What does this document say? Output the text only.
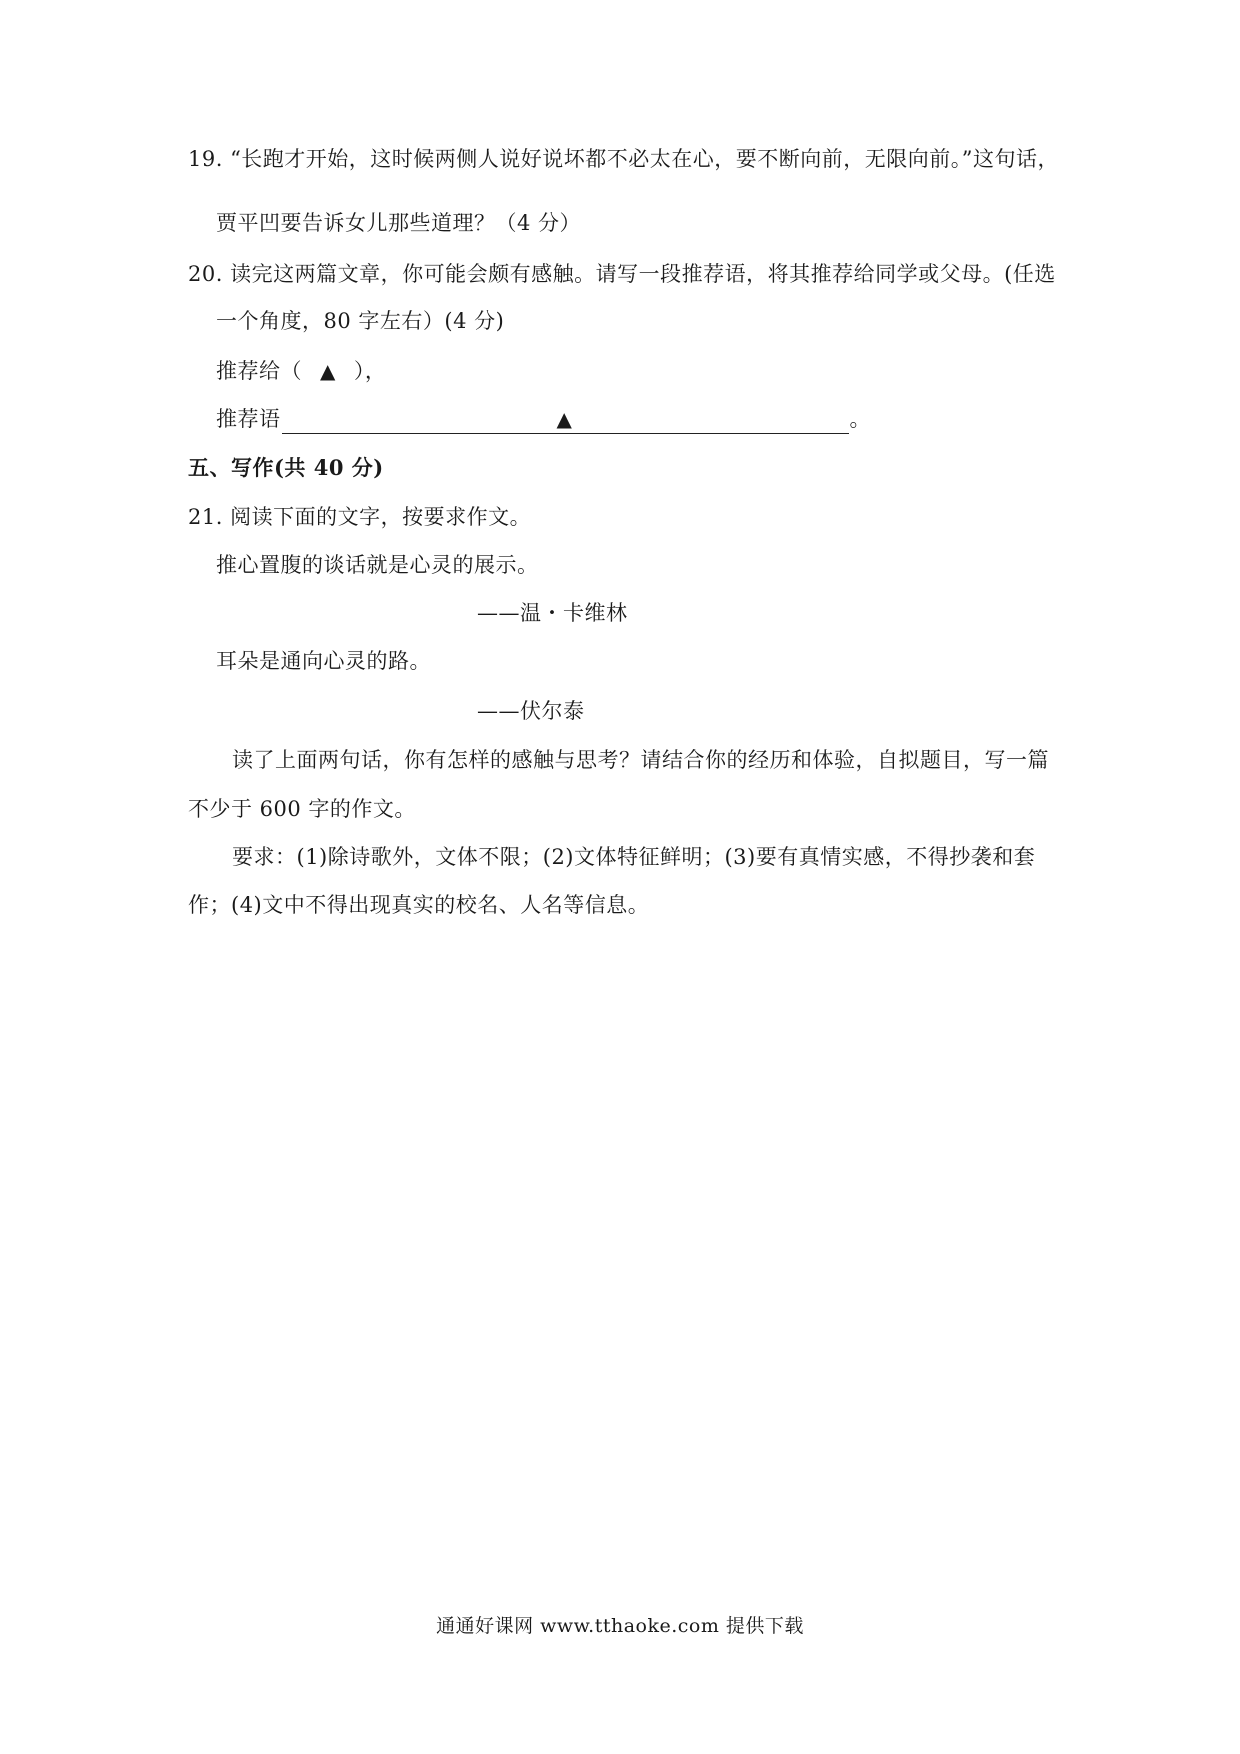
19. “长跑才开始，这时候两侧人说好说坏都不必太在心，要不断向前，无限向前。”这句话，
贾平凹要告诉女儿那些道理？（4 分）
20. 读完这两篇文章，你可能会颇有感触。请写一段推荐语，将其推荐给同学或父母。(任选
一个角度，80 字左右）(4 分)
推荐给（ ▲ ），
推荐语	▲	。
五、写作(共 40 分)
21. 阅读下面的文字，按要求作文。
推心置腹的谈话就是心灵的展示。
——温・卡维林
耳朵是通向心灵的路。
——伏尔泰
读了上面两句话，你有怎样的感触与思考？请结合你的经历和体验，自拟题目，写一篇
不少于 600 字的作文。
要求：(1)除诗歌外，文体不限；(2)文体特征鲜明；(3)要有真情实感，不得抄袭和套
作；(4)文中不得出现真实的校名、人名等信息。
通通好课网 www.tthaoke.com 提供下载
